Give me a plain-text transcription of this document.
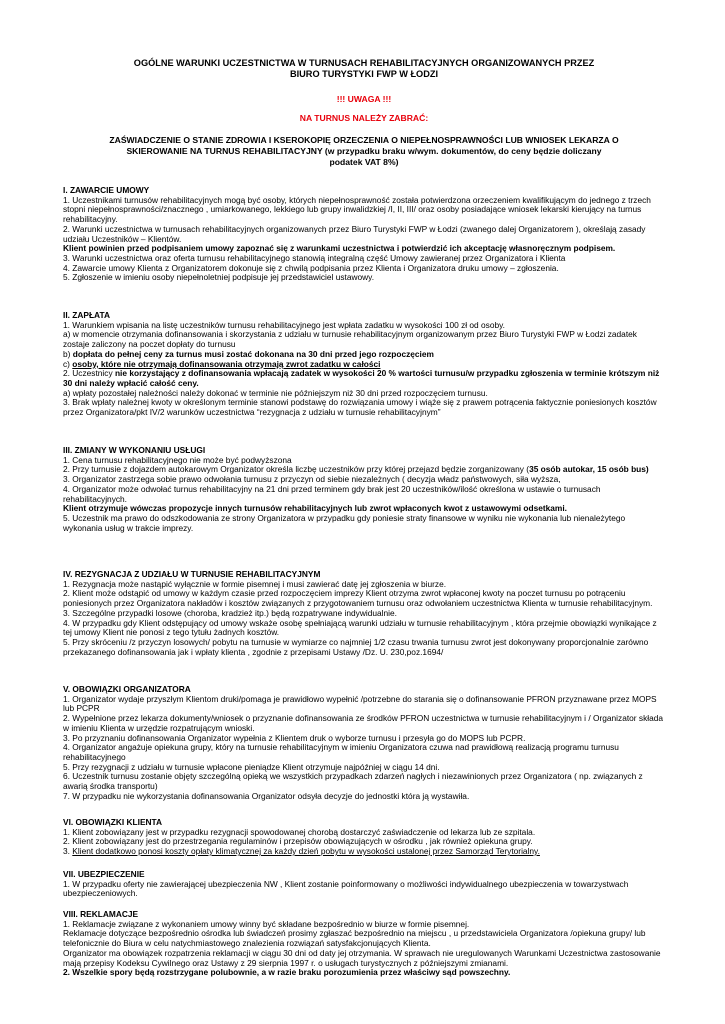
OGÓLNE WARUNKI UCZESTNICTWA W TURNUSACH REHABILITACYJNYCH ORGANIZOWANYCH PRZEZ
BIURO TURYSTYKI FWP W ŁODZI
!!! UWAGA !!!
NA TURNUS NALEŻY ZABRAĆ:
ZAŚWIADCZENIE O STANIE ZDROWIA I KSEROKOPIĘ ORZECZENIA O NIEPEŁNOSPRAWNOŚCI LUB WNIOSEK LEKARZA O
SKIEROWANIE NA TURNUS REHABILITACYJNY (w przypadku braku w/wym. dokumentów, do ceny będzie doliczany
podatek VAT 8%)
I. ZAWARCIE UMOWY

1. Uczestnikami turnusów rehabilitacyjnych mogą być osoby, których niepełnosprawność została potwierdzona orzeczeniem kwalifikującym do jednego z trzech stopni niepełnosprawności/znacznego , umiarkowanego, lekkiego lub grupy inwalidzkiej /I, II, III/ oraz osoby posiadające wniosek lekarski kierujący na turnus rehabilitacyjny.

2. Warunki uczestnictwa w turnusach rehabilitacyjnych organizowanych przez Biuro Turystyki FWP w Łodzi (zwanego dalej Organizatorem ), określają zasady udziału Uczestników – Klientów.

Klient powinien przed podpisaniem umowy zapoznać się z warunkami uczestnictwa i potwierdzić ich akceptację własnoręcznym podpisem.

3. Warunki uczestnictwa oraz oferta turnusu rehabilitacyjnego stanowią integralną część Umowy zawieranej przez Organizatora i Klienta

4. Zawarcie umowy Klienta z Organizatorem dokonuje się z chwilą podpisania przez Klienta i Organizatora druku umowy – zgłoszenia.

5. Zgłoszenie w imieniu osoby niepełnoletniej podpisuje jej przedstawiciel ustawowy.

II. ZAPŁATA

1. Warunkiem wpisania na listę uczestników turnusu rehabilitacyjnego jest wpłata zadatku w wysokości 100 zł od osoby.

a) w momencie otrzymania dofinansowania i skorzystania z udziału w turnusie rehabilitacyjnym organizowanym przez Biuro Turystyki FWP w Łodzi zadatek zostaje zaliczony na poczet dopłaty do turnusu

b) dopłata do pełnej ceny za turnus musi zostać dokonana na 30 dni przed jego rozpoczęciem

c) osoby, które nie otrzymają dofinansowania otrzymają zwrot zadatku w całości

2. Uczestnicy nie korzystający z dofinansowania wpłacają zadatek w wysokości 20 % wartości turnusu/w przypadku zgłoszenia w terminie krótszym niż 30 dni należy wpłacić całość ceny.

a) wpłaty pozostałej należności należy dokonać w terminie nie późniejszym niż 30 dni przed rozpoczęciem turnusu.

3. Brak wpłaty należnej kwoty w określonym terminie stanowi podstawę do rozwiązania umowy i wiąże się z prawem potrącenia faktycznie poniesionych kosztów przez Organizatora/pkt IV/2 warunków uczestnictwa “rezygnacja z udziału w turnusie rehabilitacyjnym”

III. ZMIANY W WYKONANIU USŁUGI

1. Cena turnusu rehabilitacyjnego nie może być podwyższona

2. Przy turnusie z dojazdem autokarowym Organizator określa liczbę uczestników przy której przejazd będzie zorganizowany (35 osób autokar, 15 osób bus)

3. Organizator zastrzega sobie prawo odwołania turnusu z przyczyn od siebie niezależnych ( decyzja władz państwowych, siła wyższa,

4. Organizator może odwołać turnus rehabilitacyjny na 21 dni przed terminem gdy brak jest 20 uczestników/ilość określona w ustawie o turnusach rehabilitacyjnych.

Klient otrzymuje wówczas propozycje innych turnusów rehabilitacyjnych lub zwrot wpłaconych kwot z ustawowymi odsetkami.

5. Uczestnik ma prawo do odszkodowania ze strony Organizatora w przypadku gdy poniesie straty finansowe w wyniku nie wykonania lub nienależytego wykonania usług w trakcie imprezy.

IV. REZYGNACJA Z UDZIAŁU W TURNUSIE REHABILITACYJNYM

1. Rezygnacja może nastąpić wyłącznie w formie pisemnej i musi zawierać datę jej zgłoszenia w biurze.

2. Klient może odstąpić od umowy w każdym czasie przed rozpoczęciem imprezy Klient otrzyma zwrot wpłaconej kwoty na poczet turnusu po potrąceniu poniesionych przez Organizatora nakładów i kosztów związanych z przygotowaniem turnusu oraz odwołaniem uczestnictwa Klienta w turnusie rehabilitacyjnym.

3. Szczególne przypadki losowe (choroba, kradzież itp.) będą rozpatrywane indywidualnie.

4. W przypadku gdy Klient odstępujący od umowy wskaże osobę spełniającą warunki udziału w turnusie rehabilitacyjnym , która przejmie obowiązki wynikające z tej umowy Klient nie ponosi z tego tytułu żadnych kosztów.

5. Przy skróceniu /z przyczyn losowych/ pobytu na turnusie w wymiarze co najmniej 1/2 czasu trwania turnusu zwrot jest dokonywany proporcjonalnie zarówno przekazanego dofinansowania jak i wpłaty klienta , zgodnie z przepisami Ustawy /Dz. U. 230,poz.1694/

V. OBOWIĄZKI ORGANIZATORA

1. Organizator wydaje przyszłym Klientom druki/pomaga je prawidłowo wypełnić /potrzebne do starania się o dofinansowanie PFRON przyznawane przez MOPS lub PCPR

2. Wypełnione przez lekarza dokumenty/wniosek o przyznanie dofinansowania ze środków PFRON uczestnictwa w turnusie rehabilitacyjnym i / Organizator składa w imieniu Klienta w urzędzie rozpatrującym wnioski.

3. Po przyznaniu dofinansowania Organizator wypełnia z Klientem druk o wyborze turnusu i przesyła go do MOPS lub PCPR.

4. Organizator angażuje opiekuna grupy, który na turnusie rehabilitacyjnym w imieniu Organizatora czuwa nad prawidłową realizacją programu turnusu rehabilitacyjnego

5. Przy rezygnacji z udziału w turnusie wpłacone pieniądze Klient otrzymuje najpóźniej w ciągu 14 dni.

6. Uczestnik turnusu zostanie objęty szczególną opieką we wszystkich przypadkach zdarzeń nagłych i niezawinionych przez Organizatora ( np. związanych z awarią środka transportu)

7. W przypadku nie wykorzystania dofinansowania Organizator odsyła decyzje do jednostki która ją wystawiła.

VI. OBOWIĄZKI KLIENTA

1. Klient zobowiązany jest w przypadku rezygnacji spowodowanej chorobą dostarczyć zaświadczenie od lekarza lub ze szpitala.

2. Klient zobowiązany jest do przestrzegania regulaminów i przepisów obowiązujących w ośrodku , jak również opiekuna grupy.

3. Klient dodatkowo ponosi koszty opłaty klimatycznej za każdy dzień pobytu w wysokości ustalonej przez Samorząd Terytorialny.

VII. UBEZPIECZENIE

1. W przypadku oferty nie zawierającej ubezpieczenia NW , Klient zostanie poinformowany o możliwości indywidualnego ubezpieczenia w towarzystwach ubezpieczeniowych.

VIII. REKLAMACJE

1. Reklamacje związane z wykonaniem umowy winny być składane bezpośrednio w biurze w formie pisemnej.

Reklamacje dotyczące bezpośrednio ośrodka lub świadczeń prosimy zgłaszać bezpośrednio na miejscu , u przedstawiciela Organizatora /opiekuna grupy/ lub telefonicznie do Biura w celu natychmiastowego znalezienia rozwiązań satysfakcjonujących Klienta.

Organizator ma obowiązek rozpatrzenia reklamacji w ciągu 30 dni od daty jej otrzymania. W sprawach nie uregulowanych Warunkami Uczestnictwa zastosowanie mają przepisy Kodeksu Cywilnego oraz Ustawy z 29 sierpnia 1997 r. o usługach turystycznych z późniejszymi zmianami.

2. Wszelkie spory będą rozstrzygane polubownie, a w razie braku porozumienia przez właściwy sąd powszechny.
